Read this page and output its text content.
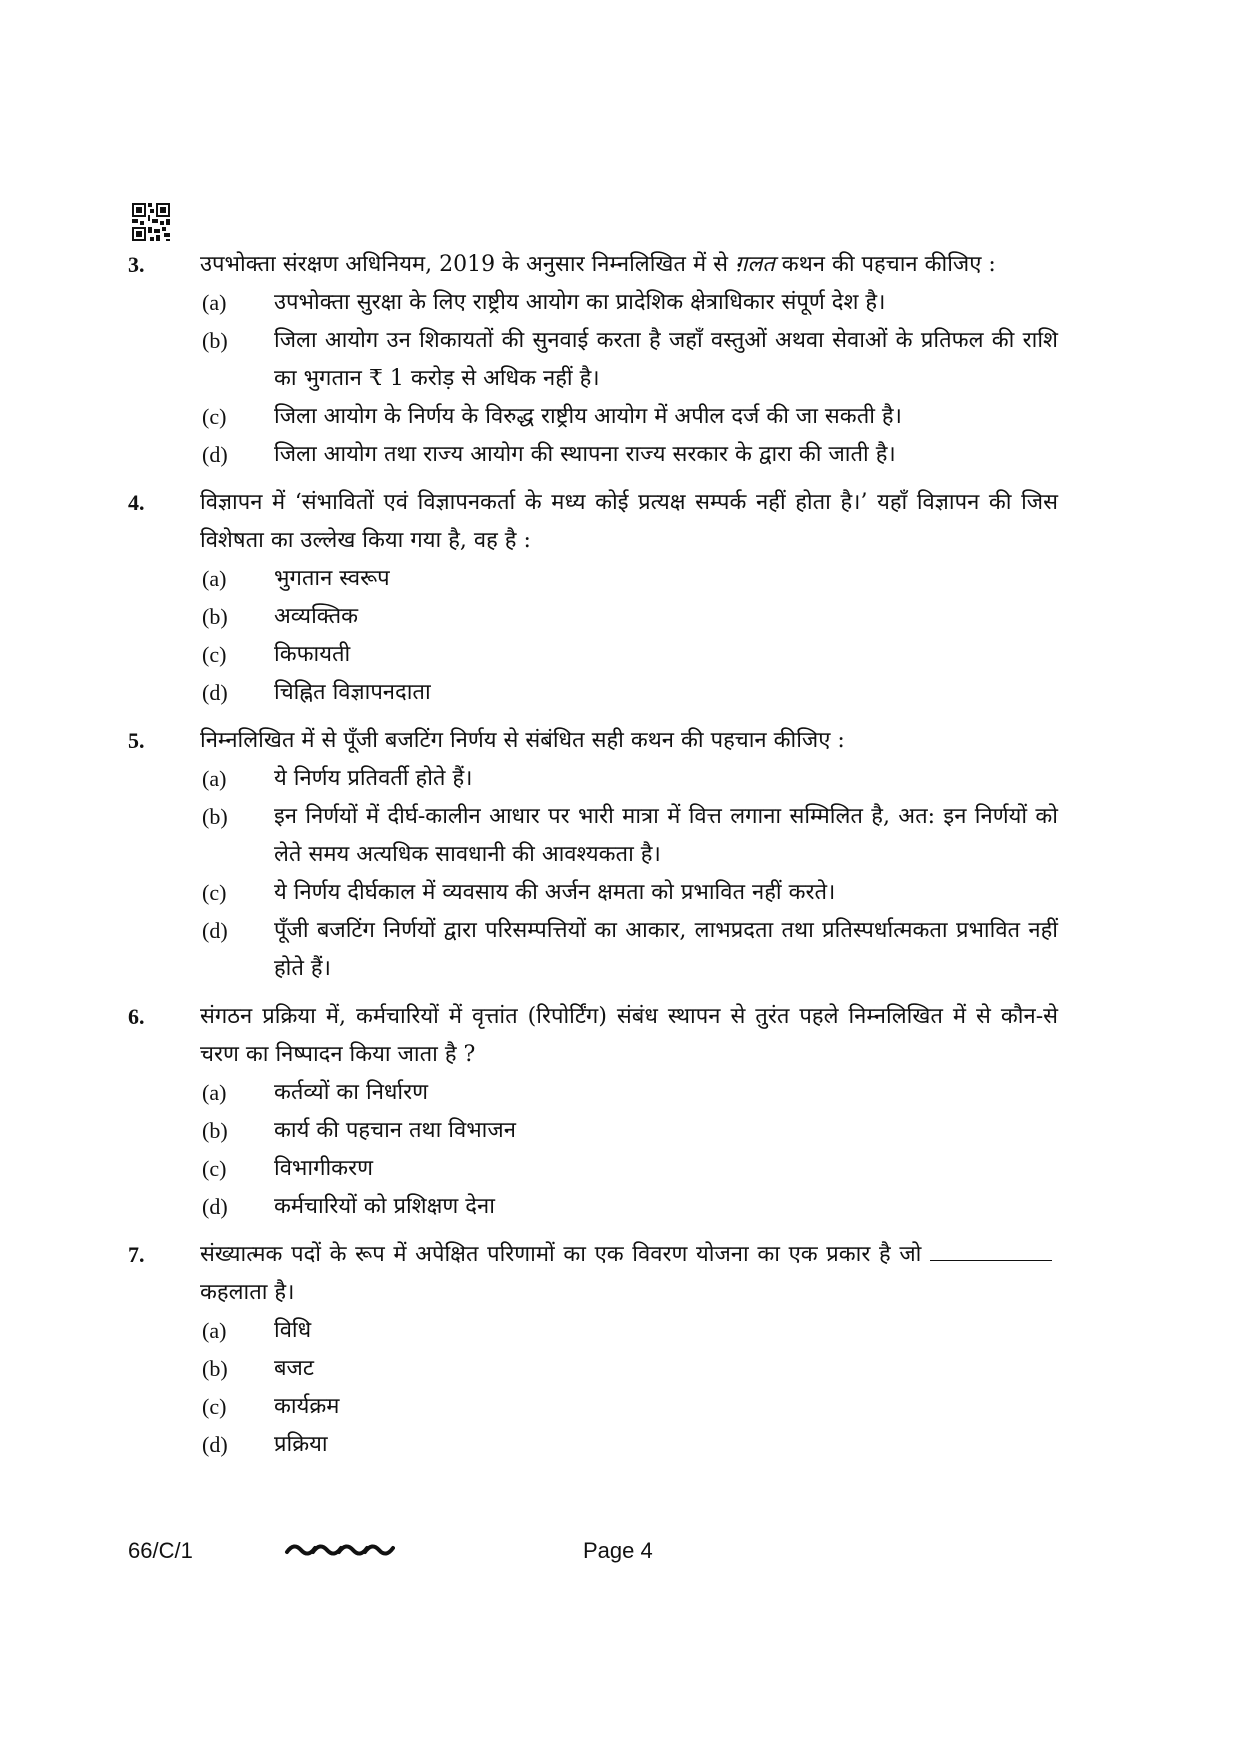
3.	उपभोक्ता संरक्षण अधिनियम, 2019 के अनुसार निम्नलिखित में से ग़लत कथन की पहचान कीजिए :
(a) उपभोक्ता सुरक्षा के लिए राष्ट्रीय आयोग का प्रादेशिक क्षेत्राधिकार संपूर्ण देश है।
(b) जिला आयोग उन शिकायतों की सुनवाई करता है जहाँ वस्तुओं अथवा सेवाओं के प्रतिफल की राशि का भुगतान ₹ 1 करोड़ से अधिक नहीं है।
(c) जिला आयोग के निर्णय के विरुद्ध राष्ट्रीय आयोग में अपील दर्ज की जा सकती है।
(d) जिला आयोग तथा राज्य आयोग की स्थापना राज्य सरकार के द्वारा की जाती है।
4.	विज्ञापन में ‘संभावितों एवं विज्ञापनकर्ता के मध्य कोई प्रत्यक्ष सम्पर्क नहीं होता है।’ यहाँ विज्ञापन की जिस विशेषता का उल्लेख किया गया है, वह है :
(a) भुगतान स्वरूप
(b) अव्यक्तिक
(c) किफायती
(d) चिह्नित विज्ञापनदाता
5.	निम्नलिखित में से पूँजी बजटिंग निर्णय से संबंधित सही कथन की पहचान कीजिए :
(a) ये निर्णय प्रतिवर्ती होते हैं।
(b) इन निर्णयों में दीर्घ-कालीन आधार पर भारी मात्रा में वित्त लगाना सम्मिलित है, अत: इन निर्णयों को लेते समय अत्यधिक सावधानी की आवश्यकता है।
(c) ये निर्णय दीर्घकाल में व्यवसाय की अर्जन क्षमता को प्रभावित नहीं करते।
(d) पूँजी बजटिंग निर्णयों द्वारा परिसम्पत्तियों का आकार, लाभप्रदता तथा प्रतिस्पर्धात्मकता प्रभावित नहीं होते हैं।
6.	संगठन प्रक्रिया में, कर्मचारियों में वृत्तांत (रिपोर्टिंग) संबंध स्थापन से तुरंत पहले निम्नलिखित में से कौन-से चरण का निष्पादन किया जाता है ?
(a) कर्तव्यों का निर्धारण
(b) कार्य की पहचान तथा विभाजन
(c) विभागीकरण
(d) कर्मचारियों को प्रशिक्षण देना
7.	संख्यात्मक पदों के रूप में अपेक्षित परिणामों का एक विवरण योजना का एक प्रकार है जो कहलाता है।
(a) विधि
(b) बजट
(c) कार्यक्रम
(d) प्रक्रिया
66/C/1	Page 4
